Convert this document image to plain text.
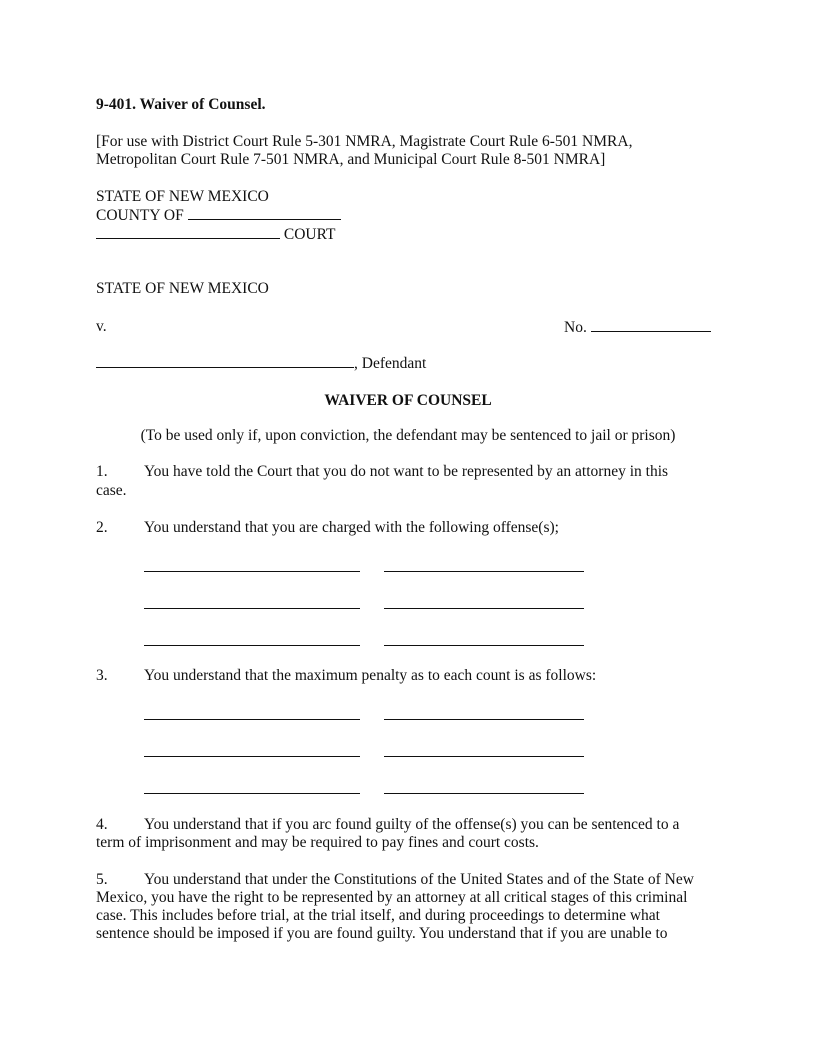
9-401. Waiver of Counsel.
[For use with District Court Rule 5-301 NMRA, Magistrate Court Rule 6-501 NMRA,
Metropolitan Court Rule 7-501 NMRA, and Municipal Court Rule 8-501 NMRA]
STATE OF NEW MEXICO
COUNTY OF
COURT
STATE OF NEW MEXICO
v.	No.
, Defendant
WAIVER OF COUNSEL
(To be used only if, upon conviction, the defendant may be sentenced to jail or prison)
1. You have told the Court that you do not want to be represented by an attorney in this
case.
2. You understand that you are charged with the following offense(s);
3. You understand that the maximum penalty as to each count is as follows:
4. You understand that if you arc found guilty of the offense(s) you can be sentenced to a
term of imprisonment and may be required to pay fines and court costs.
5. You understand that under the Constitutions of the United States and of the State of New
Mexico, you have the right to be represented by an attorney at all critical stages of this criminal
case. This includes before trial, at the trial itself, and during proceedings to determine what
sentence should be imposed if you are found guilty. You understand that if you are unable to
